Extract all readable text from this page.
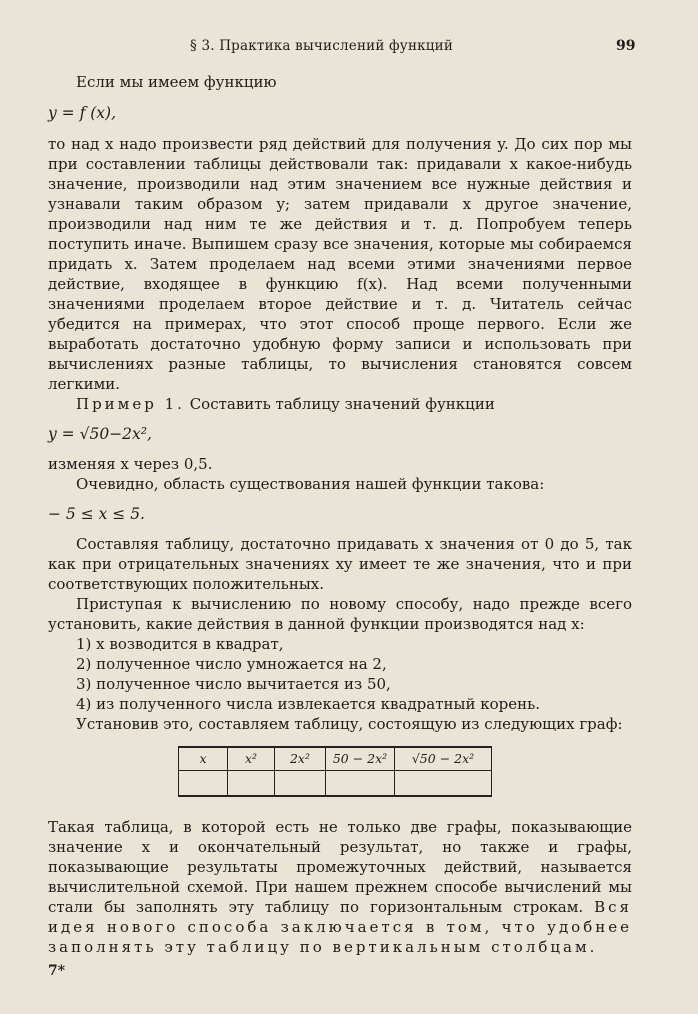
§ 3. Практика вычислений функций	99

Если мы имеем функцию

y = f (x),

то над x надо произвести ряд действий для получения y. До сих пор мы при составлении таблицы действовали так: придавали x какое-нибудь значение, производили над этим значением все нужные действия и узнавали таким образом y; затем придавали x другое значение, производили над ним те же действия и т. д. Попробуем теперь поступить иначе. Выпишем сразу все значения, которые мы собираемся придать x. Затем проделаем над всеми этими значениями первое действие, входящее в функцию f(x). Над всеми полученными значениями проделаем второе действие и т. д. Читатель сейчас убедится на примерах, что этот способ проще первого. Если же выработать достаточно удобную форму записи и использовать при вычислениях разные таблицы, то вычисления становятся совсем легкими.

Пример 1. Составить таблицу значений функции

y = √50−2x²,

изменяя x через 0,5.

Очевидно, область существования нашей функции такова:

− 5 ≤ x ≤ 5.

Составляя таблицу, достаточно придавать x значения от 0 до 5, так как при отрицательных значениях xy имеет те же значения, что и при соответствующих положительных.

Приступая к вычислению по новому способу, надо прежде всего установить, какие действия в данной функции производятся над x:

1) x возводится в квадрат,
2) полученное число умножается на 2,
3) полученное число вычитается из 50,
4) из полученного числа извлекается квадратный корень.

Установив это, составляем таблицу, состоящую из следующих граф:

x	x²	2x²	50 − 2x²	√50 − 2x²

Такая таблица, в которой есть не только две графы, показывающие значение x и окончательный результат, но также и графы, показывающие результаты промежуточных действий, называется вычислительной схемой. При нашем прежнем способе вычислений мы стали бы заполнять эту таблицу по горизонтальным строкам. Вся идея нового способа заключается в том, что удобнее заполнять эту таблицу по вертикальным столбцам.

7*
